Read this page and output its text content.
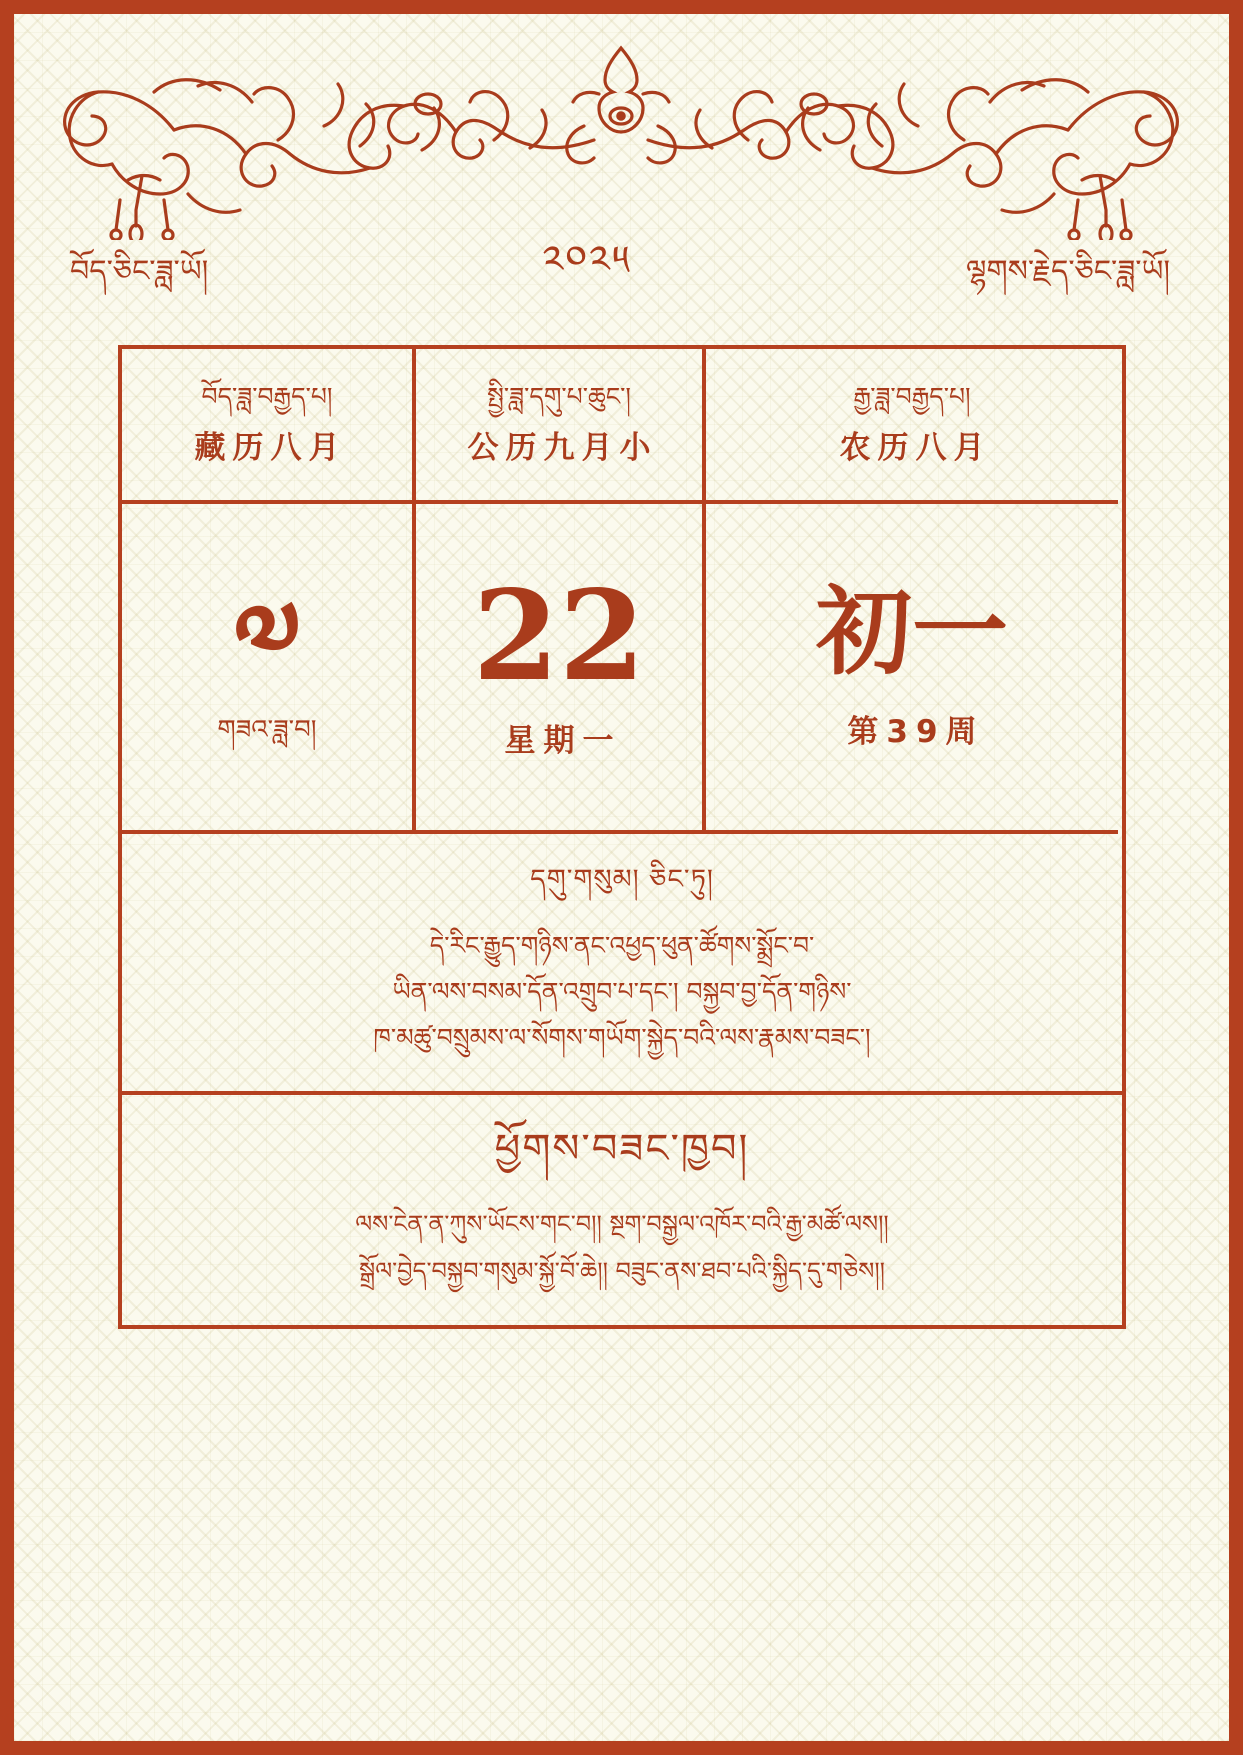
བོད་ཅིང་ཟླ་ཡོ།	༢༠༢༥	ལྷགས་རྗེད་ཅིང་ཟླ་ཡོ།
བོད་ཟླ་བརྒྱད་པ།
藏历八月
སྤྱི་ཟླ་དགུ་པ་ཆུང་།
公历九月小
རྒྱ་ཟླ་བརྒྱད་པ།
农历八月
༧
གཟའ་ཟླ་བ།
22
星期一
初一
第39周
དགུ་གསུམ། ཅིང་ཏུ།
དེ་རིང་རྒྱུད་གཉིས་ནང་འཕྱད་ཕུན་ཚོགས་སྨྲོང་བ་
ཡིན་ལས་བསམ་དོན་འགྲུབ་པ་དང་། བསྐྱབ་བྱ་དོན་གཉིས་
ཁ་མཚུ་བསྲུམས་ལ་སོགས་གཡོག་སྐྱེད་བའི་ལས་རྣམས་བཟང་།
ཕྱོགས་བཟང་ཁྱབ།
ལས་ངེན་ན་ཀུས་ཡོངས་གང་བ།། སྔག་བསྒྱལ་འཁོར་བའི་རྒྱ་མཚོ་ལས།།
སྒྲོལ་བྱེད་བསྐྱབ་གསུམ་སྐྱོ་བོ་ཆེ།། བཟུང་ནས་ཐབ་པའི་སྐྱིད་དུ་གཅེས།།
